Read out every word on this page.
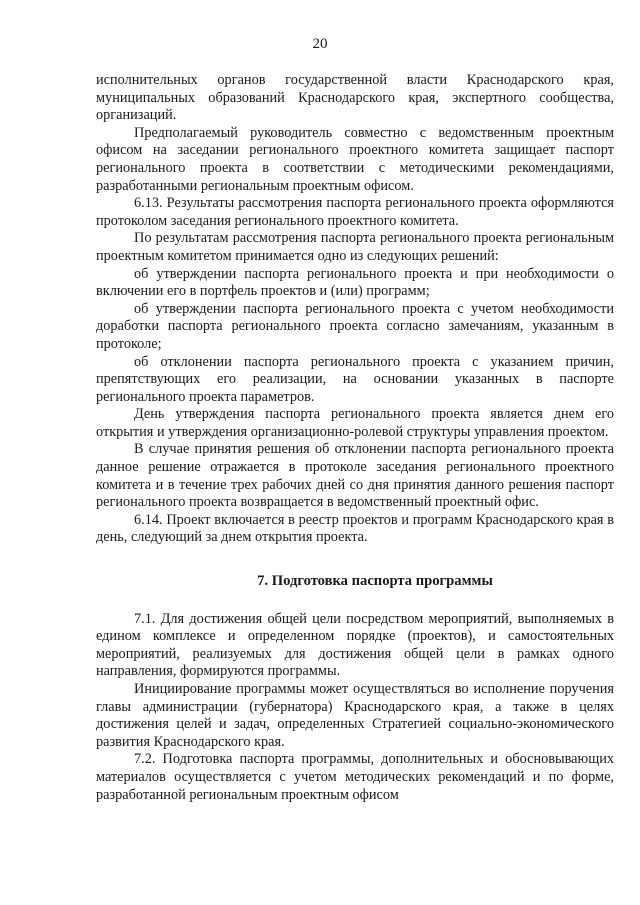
20

исполнительных органов государственной власти Краснодарского края, муниципальных образований Краснодарского края, экспертного сообщества, организаций.

Предполагаемый руководитель совместно с ведомственным проектным офисом на заседании регионального проектного комитета защищает паспорт регионального проекта в соответствии с методическими рекомендациями, разработанными региональным проектным офисом.

6.13. Результаты рассмотрения паспорта регионального проекта оформляются протоколом заседания регионального проектного комитета.

По результатам рассмотрения паспорта регионального проекта региональным проектным комитетом принимается одно из следующих решений:

об утверждении паспорта регионального проекта и при необходимости о включении его в портфель проектов и (или) программ;

об утверждении паспорта регионального проекта с учетом необходимости доработки паспорта регионального проекта согласно замечаниям, указанным в протоколе;

об отклонении паспорта регионального проекта с указанием причин, препятствующих его реализации, на основании указанных в паспорте регионального проекта параметров.

День утверждения паспорта регионального проекта является днем его открытия и утверждения организационно-ролевой структуры управления проектом.

В случае принятия решения об отклонении паспорта регионального проекта данное решение отражается в протоколе заседания регионального проектного комитета и в течение трех рабочих дней со дня принятия данного решения паспорт регионального проекта возвращается в ведомственный проектный офис.

6.14. Проект включается в реестр проектов и программ Краснодарского края в день, следующий за днем открытия проекта.

7. Подготовка паспорта программы

7.1. Для достижения общей цели посредством мероприятий, выполняемых в едином комплексе и определенном порядке (проектов), и самостоятельных мероприятий, реализуемых для достижения общей цели в рамках одного направления, формируются программы.

Инициирование программы может осуществляться во исполнение поручения главы администрации (губернатора) Краснодарского края, а также в целях достижения целей и задач, определенных Стратегией социально-экономического развития Краснодарского края.

7.2. Подготовка паспорта программы, дополнительных и обосновывающих материалов осуществляется с учетом методических рекомендаций и по форме, разработанной региональным проектным офисом
